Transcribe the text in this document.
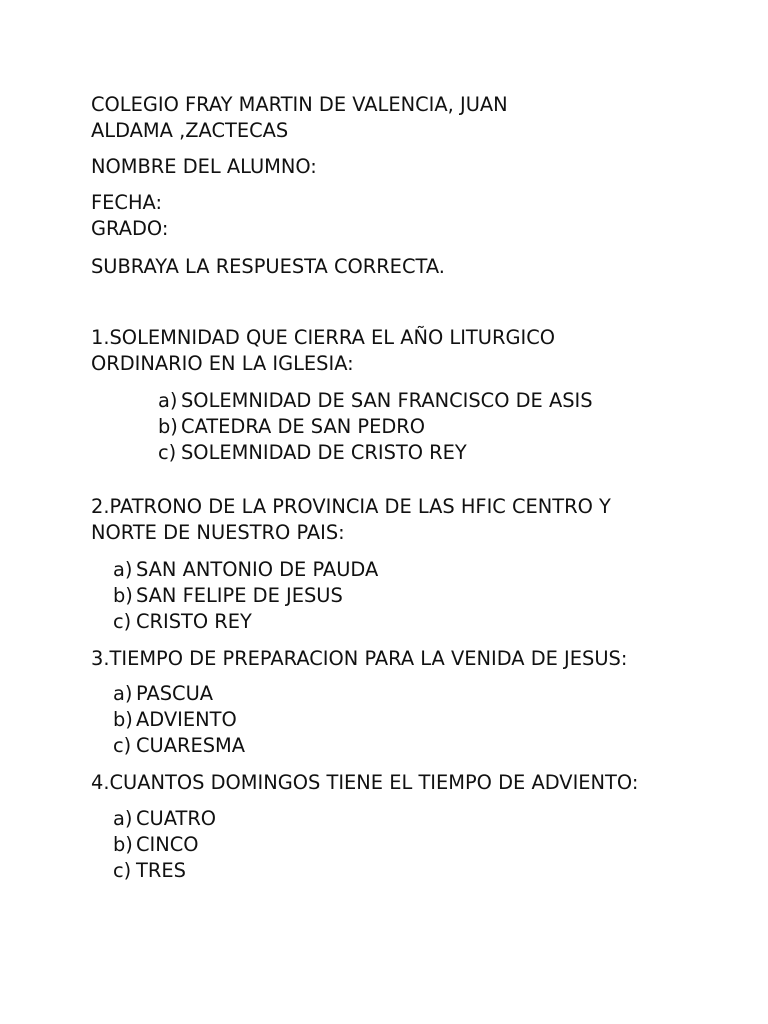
COLEGIO FRAY MARTIN DE VALENCIA, JUAN
ALDAMA ,ZACTECAS
NOMBRE DEL ALUMNO:
FECHA:
GRADO:
SUBRAYA LA RESPUESTA CORRECTA.
1.SOLEMNIDAD QUE CIERRA EL AÑO LITURGICO
ORDINARIO EN LA IGLESIA:
a) SOLEMNIDAD DE SAN FRANCISCO DE ASIS
b) CATEDRA DE SAN PEDRO
c) SOLEMNIDAD DE CRISTO REY
2.PATRONO DE LA PROVINCIA DE LAS HFIC CENTRO Y
NORTE DE NUESTRO PAIS:
a) SAN ANTONIO DE PAUDA
b) SAN FELIPE DE JESUS
c) CRISTO REY
3.TIEMPO DE PREPARACION PARA LA VENIDA DE JESUS:
a) PASCUA
b) ADVIENTO
c) CUARESMA
4.CUANTOS DOMINGOS TIENE EL TIEMPO DE ADVIENTO:
a) CUATRO
b) CINCO
c) TRES
